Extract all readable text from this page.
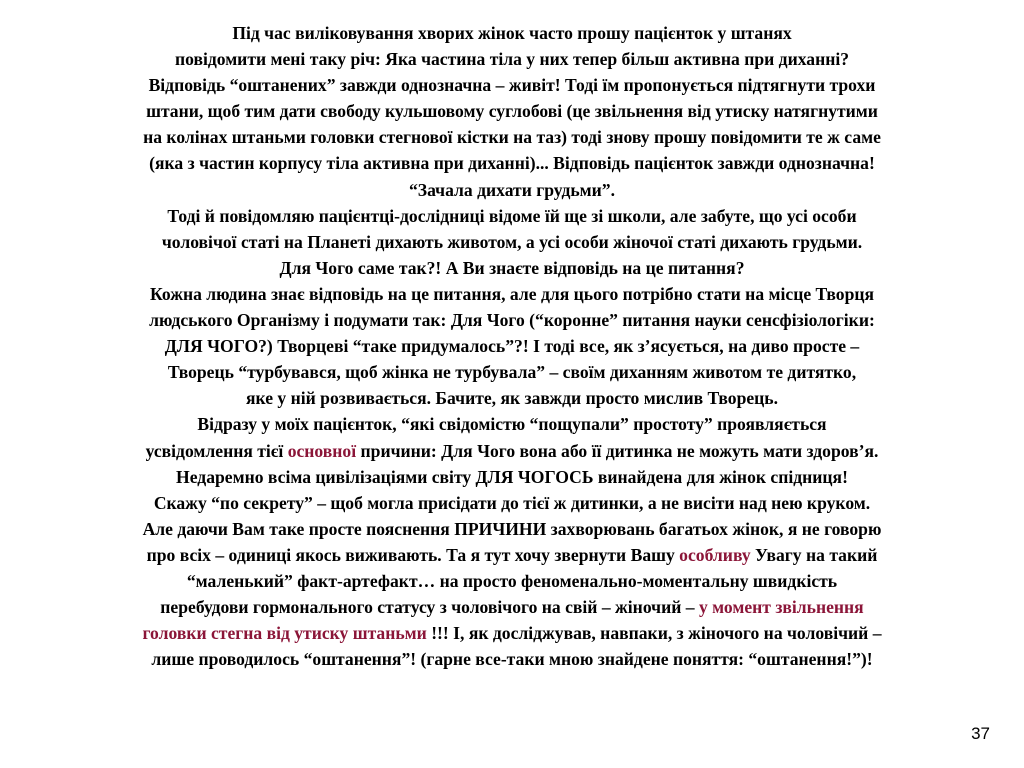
Під час виліковування хворих жінок часто прошу пацієнток у штанях
повідомити мені таку річ: Яка частина тіла у них тепер більш активна при диханні?
Відповідь “оштанених” завжди однозначна – живіт! Тоді їм пропонується підтягнути трохи
штани, щоб тим дати свободу кульшовому суглобові (це звільнення від утиску натягнутими
на колінах штаньми головки стегнової кістки на таз) тоді знову прошу повідомити те ж саме
(яка з частин корпусу тіла активна при диханні)... Відповідь пацієнток завжди однозначна!
“Зачала дихати грудьми”.
Тоді й повідомляю пацієнтці-дослідниці відоме їй ще зі школи, але забуте, що усі особи
чоловічої статі на Планеті дихають животом, а усі особи жіночої статі дихають грудьми.
Для Чого саме так?! А Ви знаєте відповідь на це питання?
Кожна людина знає відповідь на це питання, але для цього потрібно стати на місце Творця
людського Організму і подумати так: Для Чого (“коронне” питання науки сенсфізіологіки:
ДЛЯ ЧОГО?) Творцеві “таке придумалось”?! І тоді все, як з’ясується, на диво просте –
Творець “турбувався, щоб жінка не турбувала” – своїм диханням животом те дитятко,
яке у ній розвивається. Бачите, як завжди просто мислив Творець.
Відразу у моїх пацієнток, “які свідомістю “пощупали” простоту” проявляється
усвідомлення тієї основної причини: Для Чого вона або її дитинка не можуть мати здоров’я.
Недаремно всіма цивілізаціями світу ДЛЯ ЧОГОСЬ винайдена для жінок спідниця!
Скажу “по секрету” – щоб могла присідати до тієї ж дитинки, а не висіти над нею круком.
Але даючи Вам таке просте пояснення ПРИЧИНИ захворювань багатьох жінок, я не говорю
про всіх – одиниці якось виживають. Та я тут хочу звернути Вашу особливу Увагу на такий
“маленький” факт-артефакт… на просто феноменально-моментальну швидкість
перебудови гормонального статусу з чоловічого на свій – жіночий – у момент звільнення
головки стегна від утиску штаньми !!! І, як досліджував, навпаки, з жіночого на чоловічий –
лише проводилось “оштанення”! (гарне все-таки мною знайдене поняття: “оштанення!”)!
37
